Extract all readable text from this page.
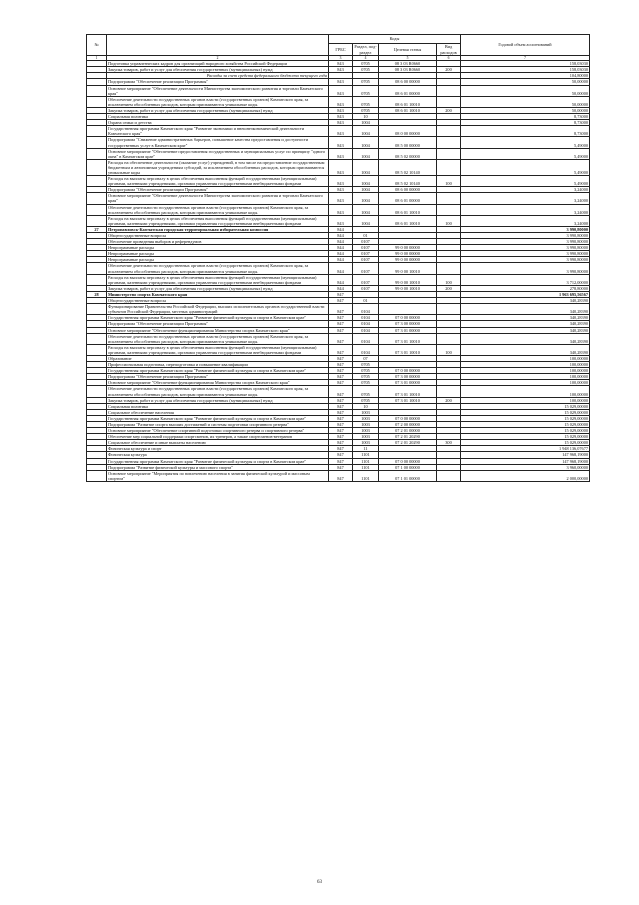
№		Коды				Годовой объем ассигнований
		ГРБС	Раздел, под-раздел	Целевая статья	Вид расходов	
1	2	3	4	5	6	7
	Подготовка управленческих кадров для организаций народного хозяйства Российской Федерации	843	0705	08 3 03 R0660		158,03030
	Закупка товаров, работ и услуг для обеспечения государственных (муниципальных) нужд	843	0705	08 3 03 R0660	200	158,03030
	Расходы за счет средств федерального бюджета текущего года					104,80000
	Подпрограмма "Обеспечение реализации Программы"	843	0705	08 6 00 00000		50,00000
	Основное мероприятие "Обеспечение деятельности Министерства экономического развития и торговли Камчатского края"	843	0705	08 6 01 00000		50,00000
	Обеспечение деятельности государственных органов власти (государственных органов) Камчатского края, за исключением обособленных расходов, которым присваиваются уникальные коды.	843	0705	08 6 01 10010		50,00000
	Закупка товаров, работ и услуг для обеспечения государственных (муниципальных) нужд	843	0705	08 6 01 10010	200	50,00000
	Социальная политика	843	10			8,73000
	Охрана семьи и детства	843	1004			8,73000
	Государственная программа Камчатского края "Развитие экономики и внешнеэкономической деятельности Камчатского края"	843	1004	08 0 00 00000		8,73000
	Подпрограмма "Снижение административных барьеров, повышение качества предоставления и доступности государственных услуг в Камчатском крае"	843	1004	08 5 00 00000		5,49000
	Основное мероприятие "Обеспечение предоставления государственных и муниципальных услуг по принципу "одного окна" в Камчатском крае"	843	1004	08 5 02 00000		5,49000
	Расходы на обеспечение деятельности (оказание услуг) учреждений, в том числе на предоставление государственным бюджетным и автономным учреждениям субсидий, за исключением обособленных расходов, которым присваиваются уникальные коды	843	1004	08 5 02 10140		5,49000
	Расходы на выплаты персоналу в целях обеспечения выполнения функций государственными (муниципальными) органами, казенными учреждениями, органами управления государственными внебюджетными фондами	843	1004	08 5 02 10140	100	5,49000
	Подпрограмма "Обеспечение реализации Программы"	843	1004	08 6 00 00000		3,24000
	Основное мероприятие "Обеспечение деятельности Министерства экономического развития и торговли Камчатского края"	843	1004	08 6 01 00000		3,24000
	Обеспечение деятельности государственных органов власти (государственных органов) Камчатского края, за исключением обособленных расходов, которым присваиваются уникальные коды.	843	1004	08 6 01 10010		3,24000
	Расходы на выплаты персоналу в целях обеспечения выполнения функций государственными (муниципальными) органами, казенными учреждениями, органами управления государственными внебюджетными фондами	843	1004	08 6 01 10010	100	3,24000
27	Петропавловск-Камчатская городская территориальная избирательная комиссия	844				3 990,80000
	Общегосударственные вопросы	844	01			3 990,80000
	Обеспечение проведения выборов и референдумов	844	0107			3 990,80000
	Непрограммные расходы	844	0107	99 0 00 00000		3 990,80000
	Непрограммные расходы	844	0107	99 0 00 00000		3 990,80000
	Непрограммные расходы	844	0107	99 0 00 00000		3 990,80000
	Обеспечение деятельности государственных органов власти (государственных органов) Камчатского края, за исключением обособленных расходов, которым присваиваются уникальные коды.	844	0107	99 0 00 10010		3 990,80000
	Расходы на выплаты персоналу в целях обеспечения выполнения функций государственными (муниципальными) органами, казенными учреждениями, органами управления государственными внебюджетными фондами	844	0107	99 0 00 10010	100	3 712,00000
	Закупка товаров, работ и услуг для обеспечения государственных (муниципальных) нужд	844	0107	99 0 00 10010	200	278,80000
28	Министерство спорта Камчатского края	847				1 963 695,56567
	Общегосударственные вопросы	847	01			340,28390
	Функционирование Правительства Российской Федерации, высших исполнительных органов государственной власти субъектов Российской Федерации, местных администраций	847	0104			340,28390
	Государственная программа Камчатского края "Развитие физической культуры и спорта в Камчатском крае"	847	0104	07 0 00 00000		340,28390
	Подпрограмма "Обеспечение реализации Программы"	847	0104	07 3 00 00000		340,28390
	Основное мероприятие "Обеспечение функционирования Министерства спорта Камчатского края"	847	0104	07 3 01 00000		340,28390
	Обеспечение деятельности государственных органов власти (государственных органов) Камчатского края, за исключением обособленных расходов, которым присваиваются уникальные коды.	847	0104	07 3 01 10010		340,28390
	Расходы на выплаты персоналу в целях обеспечения выполнения функций государственными (муниципальными) органами, казенными учреждениями, органами управления государственными внебюджетными фондами	847	0104	07 3 01 10010	100	340,28390
	Образование	847	07			100,00000
	Профессиональная подготовка, переподготовка и повышение квалификации	847	0705			100,00000
	Государственная программа Камчатского края "Развитие физической культуры и спорта в Камчатском крае"	847	0705	07 0 00 00000		100,00000
	Подпрограмма "Обеспечение реализации Программы"	847	0705	07 3 00 00000		100,00000
	Основное мероприятие "Обеспечение функционирования Министерства спорта Камчатского края"	847	0705	07 3 01 00000		100,00000
	Обеспечение деятельности государственных органов власти (государственных органов) Камчатского края, за исключением обособленных расходов, которым присваиваются уникальные коды.	847	0705	07 3 01 10010		100,00000
	Закупка товаров, работ и услуг для обеспечения государственных (муниципальных) нужд	847	0705	07 3 01 10010	200	100,00000
	Социальная политика	847	10			15 029,00000
	Социальное обеспечение населения	847	1003			15 029,00000
	Государственная программа Камчатского края "Развитие физической культуры и спорта в Камчатском крае"	847	1003	07 0 00 00000		15 029,00000
	Подпрограмма "Развитие спорта высших достижений и системы подготовки спортивного резерва"	847	1003	07 2 00 00000		15 029,00000
	Основное мероприятие "Обеспечение спортивной подготовки спортивного резерва и спортивного резерва"	847	1003	07 2 01 00000		15 029,00000
	Обеспечение мер социальной поддержки спортсменов, их тренеров, а также спортсменов-ветеранов	847	1003	07 2 01 20290		15 029,00000
	Социальное обеспечение и иные выплаты населению	847	1003	07 2 01 20290	300	15 029,00000
	Физическая культура и спорт	847	11			1 948 136,07677
	Физическая культура	847	1101			147 968,19000
	Государственная программа Камчатского края "Развитие физической культуры и спорта в Камчатском крае"	847	1101	07 0 00 00000		147 968,19000
	Подпрограмма "Развитие физической культуры и массового спорта"	847	1101	07 1 00 00000		3 960,00000
	Основное мероприятие "Мероприятия по вовлечению населения в занятия физической культурой и массовым спортом"	847	1101	07 1 01 00000		2 000,00000
63
